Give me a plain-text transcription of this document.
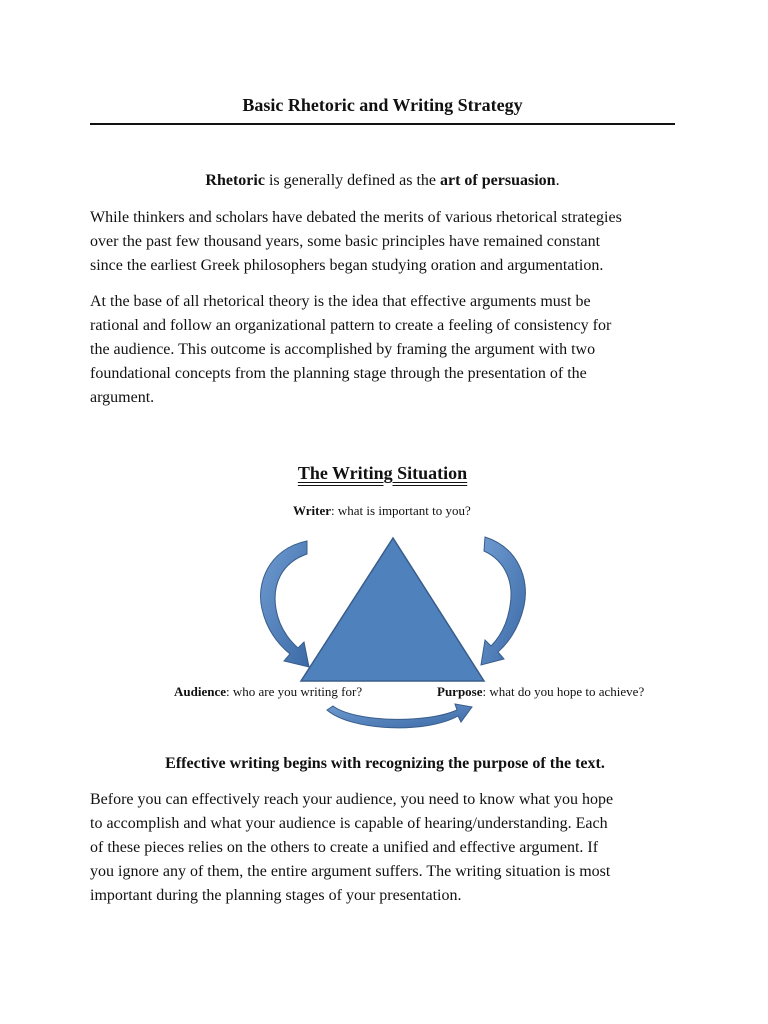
Basic Rhetoric and Writing Strategy
Rhetoric is generally defined as the art of persuasion.
While thinkers and scholars have debated the merits of various rhetorical strategies
over the past few thousand years, some basic principles have remained constant
since the earliest Greek philosophers began studying oration and argumentation.
At the base of all rhetorical theory is the idea that effective arguments must be
rational and follow an organizational pattern to create a feeling of consistency for
the audience. This outcome is accomplished by framing the argument with two
foundational concepts from the planning stage through the presentation of the
argument.
The Writing Situation
Writer: what is important to you?
Audience: who are you writing for?	Purpose: what do you hope to achieve?
Effective writing begins with recognizing the purpose of the text.
Before you can effectively reach your audience, you need to know what you hope
to accomplish and what your audience is capable of hearing/understanding. Each
of these pieces relies on the others to create a unified and effective argument. If
you ignore any of them, the entire argument suffers. The writing situation is most
important during the planning stages of your presentation.
